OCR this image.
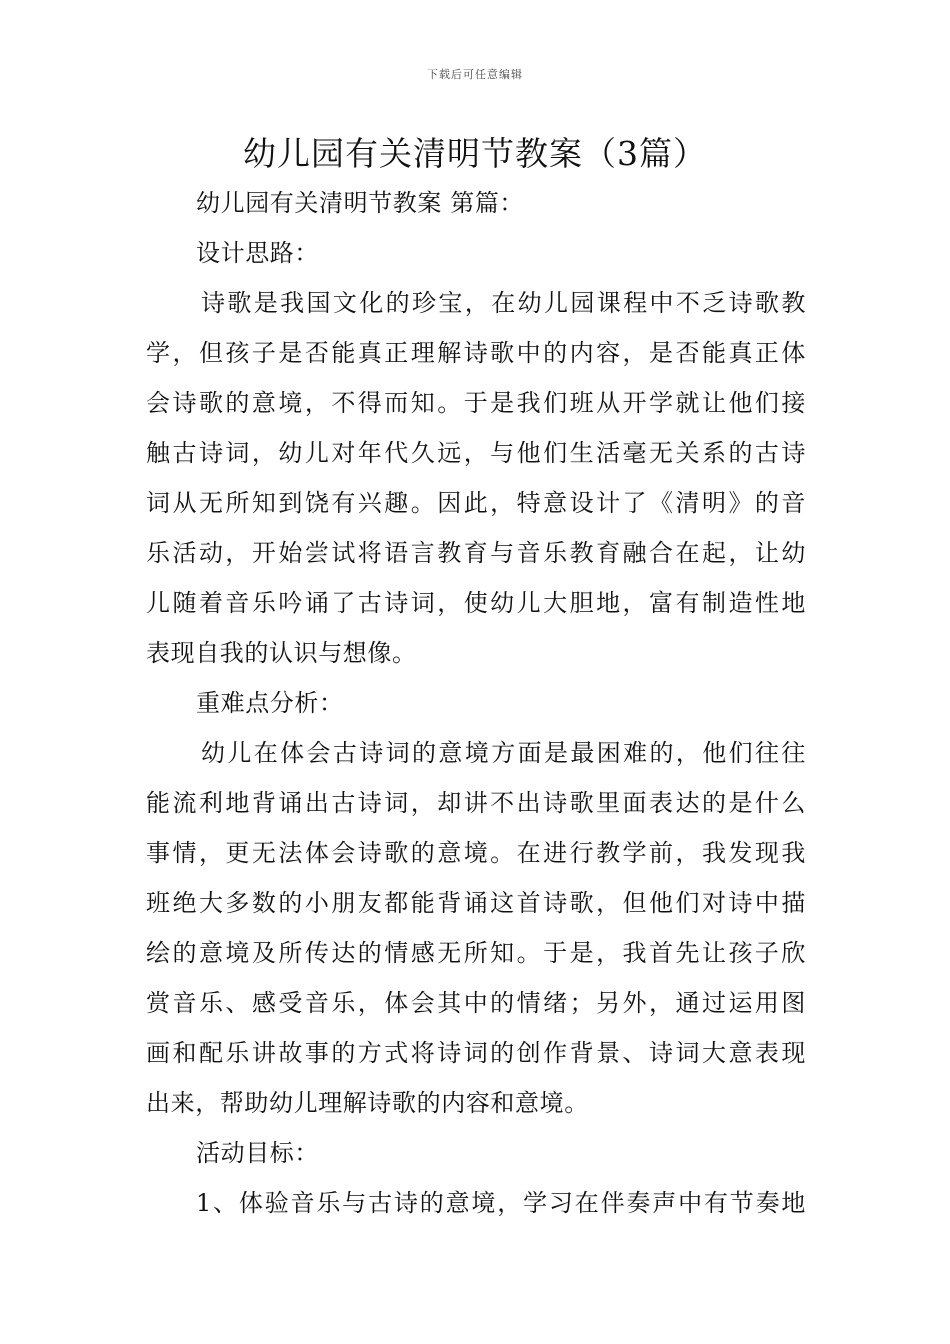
下载后可任意编辑
幼儿园有关清明节教案（3篇）
幼儿园有关清明节教案 第篇：
设计思路：
诗歌是我国文化的珍宝，在幼儿园课程中不乏诗歌教
学，但孩子是否能真正理解诗歌中的内容，是否能真正体
会诗歌的意境，不得而知。于是我们班从开学就让他们接
触古诗词，幼儿对年代久远，与他们生活毫无关系的古诗
词从无所知到饶有兴趣。因此，特意设计了《清明》的音
乐活动，开始尝试将语言教育与音乐教育融合在起，让幼
儿随着音乐吟诵了古诗词，使幼儿大胆地，富有制造性地
表现自我的认识与想像。
重难点分析：
幼儿在体会古诗词的意境方面是最困难的，他们往往
能流利地背诵出古诗词，却讲不出诗歌里面表达的是什么
事情，更无法体会诗歌的意境。在进行教学前，我发现我
班绝大多数的小朋友都能背诵这首诗歌，但他们对诗中描
绘的意境及所传达的情感无所知。于是，我首先让孩子欣
赏音乐、感受音乐，体会其中的情绪；另外，通过运用图
画和配乐讲故事的方式将诗词的创作背景、诗词大意表现
出来，帮助幼儿理解诗歌的内容和意境。
活动目标：
1、体验音乐与古诗的意境，学习在伴奏声中有节奏地
